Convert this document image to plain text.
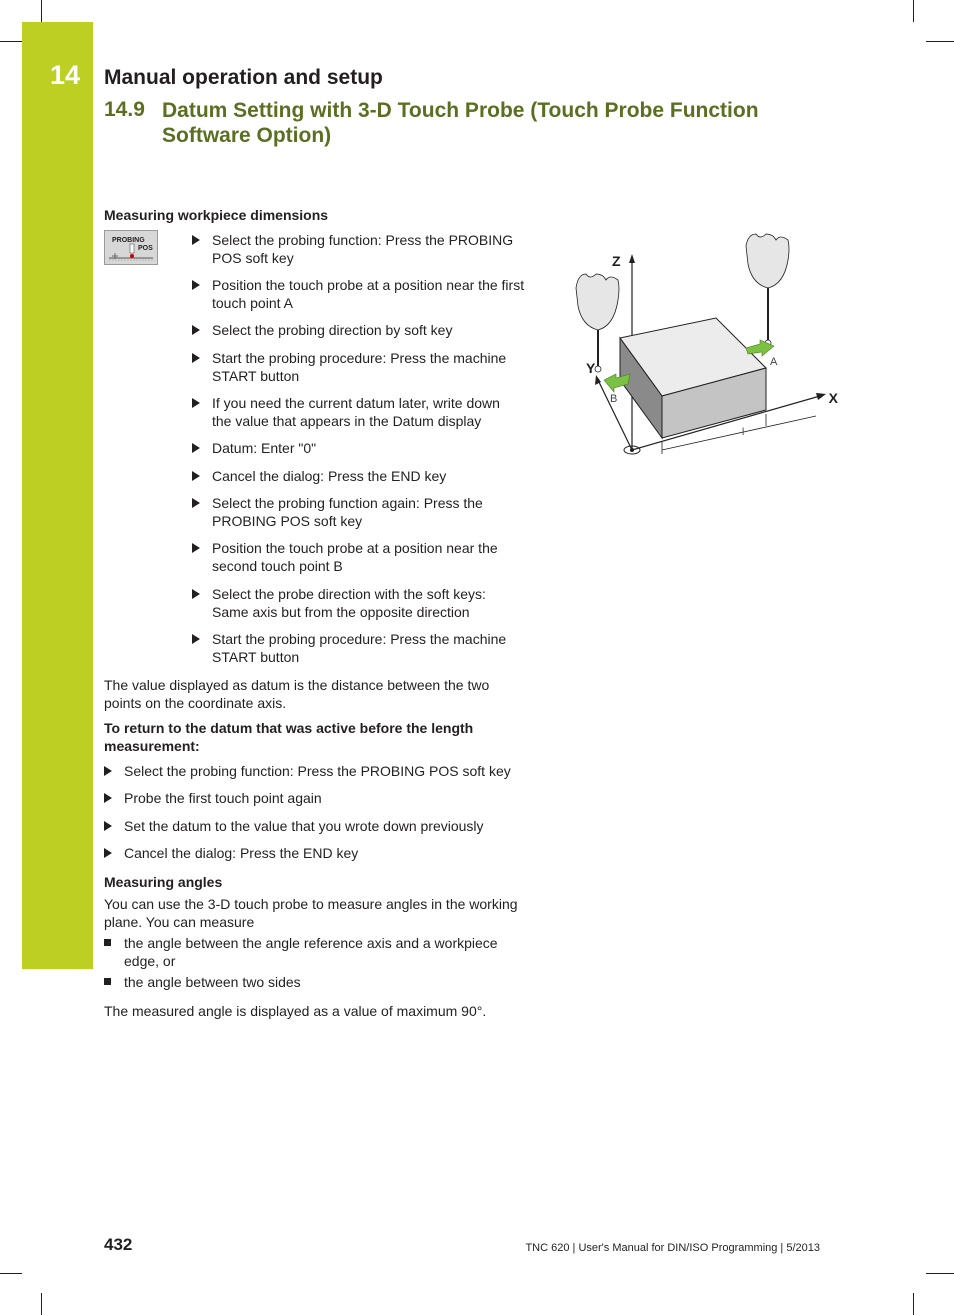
14 Manual operation and setup
14.9 Datum Setting with 3-D Touch Probe (Touch Probe Function Software Option)
Measuring workpiece dimensions
PROBING
POS
Select the probing function: Press the PROBING
POS soft key
Position the touch probe at a position near the first
touch point A
Select the probing direction by soft key
Start the probing procedure: Press the machine
START button
If you need the current datum later, write down
the value that appears in the Datum display
Datum: Enter "0"
Cancel the dialog: Press the END key
Select the probing function again: Press the
PROBING POS soft key
Position the touch probe at a position near the
second touch point B
Select the probe direction with the soft keys:
Same axis but from the opposite direction
Start the probing procedure: Press the machine
START button
The value displayed as datum is the distance between the two
points on the coordinate axis.
To return to the datum that was active before the length
measurement:
Select the probing function: Press the PROBING POS soft key
Probe the first touch point again
Set the datum to the value that you wrote down previously
Cancel the dialog: Press the END key
Measuring angles
You can use the 3-D touch probe to measure angles in the working
plane. You can measure
the angle between the angle reference axis and a workpiece
edge, or
the angle between two sides
The measured angle is displayed as a value of maximum 90°.
Z
Y
X
A
B
l
432	TNC 620 | User's Manual for DIN/ISO Programming | 5/2013
